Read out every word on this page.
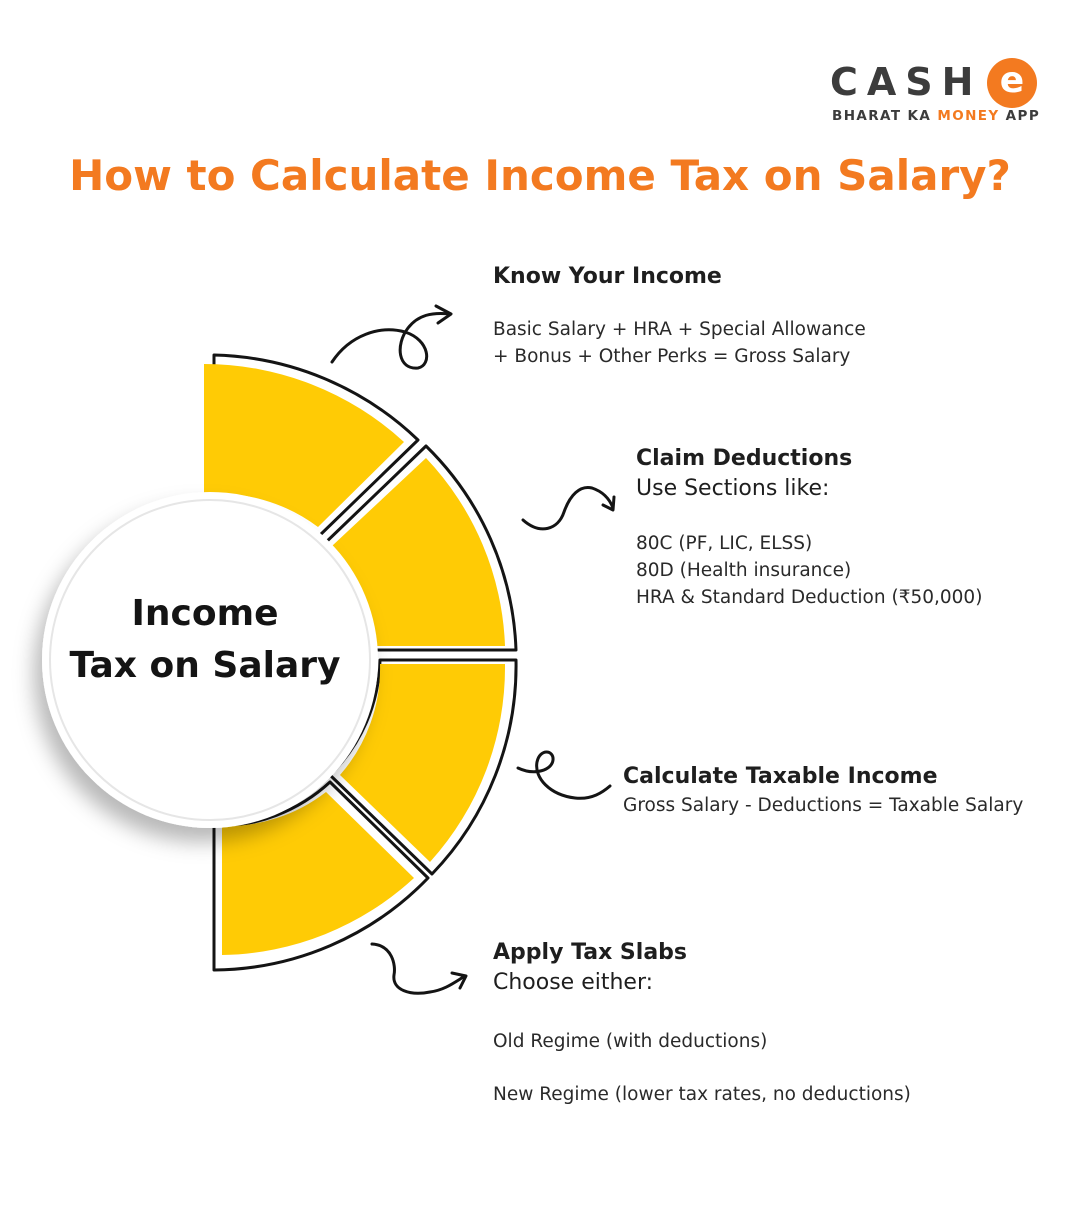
CASH e
BHARAT KA MONEY APP
How to Calculate Income Tax on Salary?
Income
Tax on Salary
Know Your Income
Basic Salary + HRA + Special Allowance
+ Bonus + Other Perks = Gross Salary
Claim Deductions
Use Sections like:
80C (PF, LIC, ELSS)
80D (Health insurance)
HRA & Standard Deduction (₹50,000)
Calculate Taxable Income
Gross Salary - Deductions = Taxable Salary
Apply Tax Slabs
Choose either:
Old Regime (with deductions)
New Regime (lower tax rates, no deductions)
